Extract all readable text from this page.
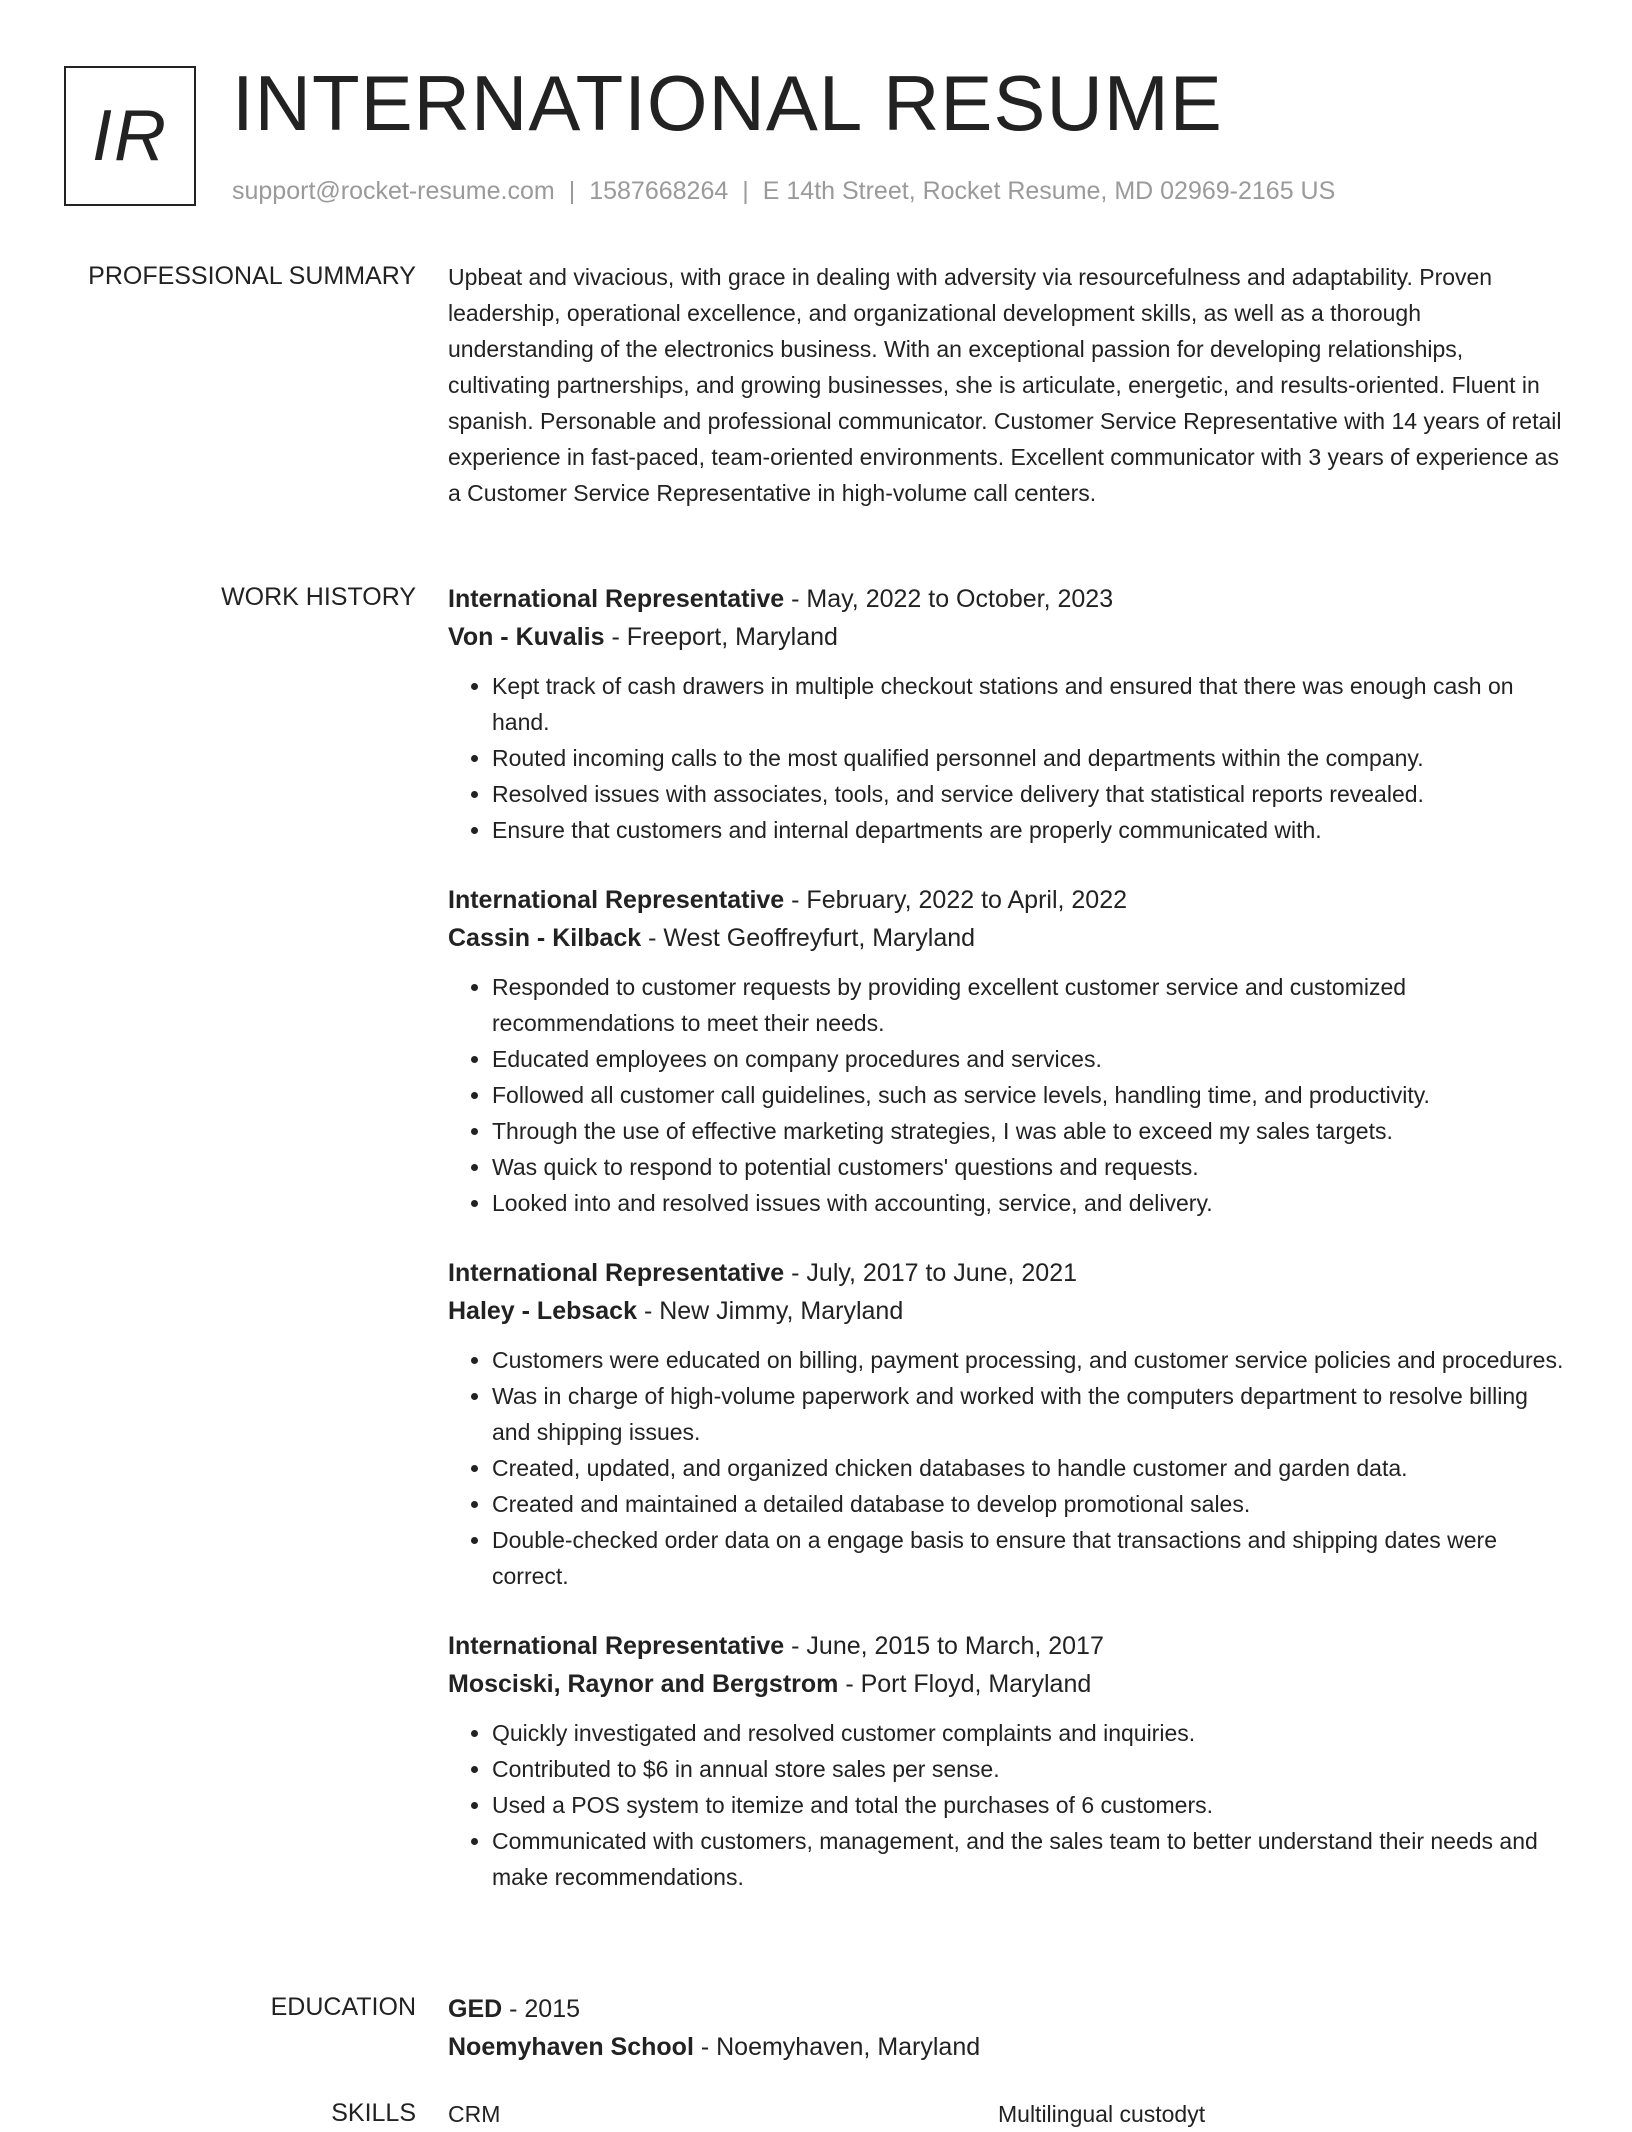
IR INTERNATIONAL RESUME
support@rocket-resume.com | 1587668264 | E 14th Street, Rocket Resume, MD 02969-2165 US
PROFESSIONAL SUMMARY Upbeat and vivacious, with grace in dealing with adversity via resourcefulness and adaptability. Proven leadership, operational excellence, and organizational development skills, as well as a thorough understanding of the electronics business. With an exceptional passion for developing relationships, cultivating partnerships, and growing businesses, she is articulate, energetic, and results-oriented. Fluent in spanish. Personable and professional communicator. Customer Service Representative with 14 years of retail experience in fast-paced, team-oriented environments. Excellent communicator with 3 years of experience as a Customer Service Representative in high-volume call centers.

WORK HISTORY International Representative - May, 2022 to October, 2023
Von - Kuvalis - Freeport, Maryland
• Kept track of cash drawers in multiple checkout stations and ensured that there was enough cash on hand.
• Routed incoming calls to the most qualified personnel and departments within the company.
• Resolved issues with associates, tools, and service delivery that statistical reports revealed.
• Ensure that customers and internal departments are properly communicated with.
International Representative - February, 2022 to April, 2022
Cassin - Kilback - West Geoffreyfurt, Maryland
• Responded to customer requests by providing excellent customer service and customized recommendations to meet their needs.
• Educated employees on company procedures and services.
• Followed all customer call guidelines, such as service levels, handling time, and productivity.
• Through the use of effective marketing strategies, I was able to exceed my sales targets.
• Was quick to respond to potential customers' questions and requests.
• Looked into and resolved issues with accounting, service, and delivery.
International Representative - July, 2017 to June, 2021
Haley - Lebsack - New Jimmy, Maryland
• Customers were educated on billing, payment processing, and customer service policies and procedures.
• Was in charge of high-volume paperwork and worked with the computers department to resolve billing and shipping issues.
• Created, updated, and organized chicken databases to handle customer and garden data.
• Created and maintained a detailed database to develop promotional sales.
• Double-checked order data on a engage basis to ensure that transactions and shipping dates were correct.
International Representative - June, 2015 to March, 2017
Mosciski, Raynor and Bergstrom - Port Floyd, Maryland
• Quickly investigated and resolved customer complaints and inquiries.
• Contributed to $6 in annual store sales per sense.
• Used a POS system to itemize and total the purchases of 6 customers.
• Communicated with customers, management, and the sales team to better understand their needs and make recommendations.
EDUCATION GED - 2015
Noemyhaven School - Noemyhaven, Maryland
SKILLS CRM	Multilingual custodyt
